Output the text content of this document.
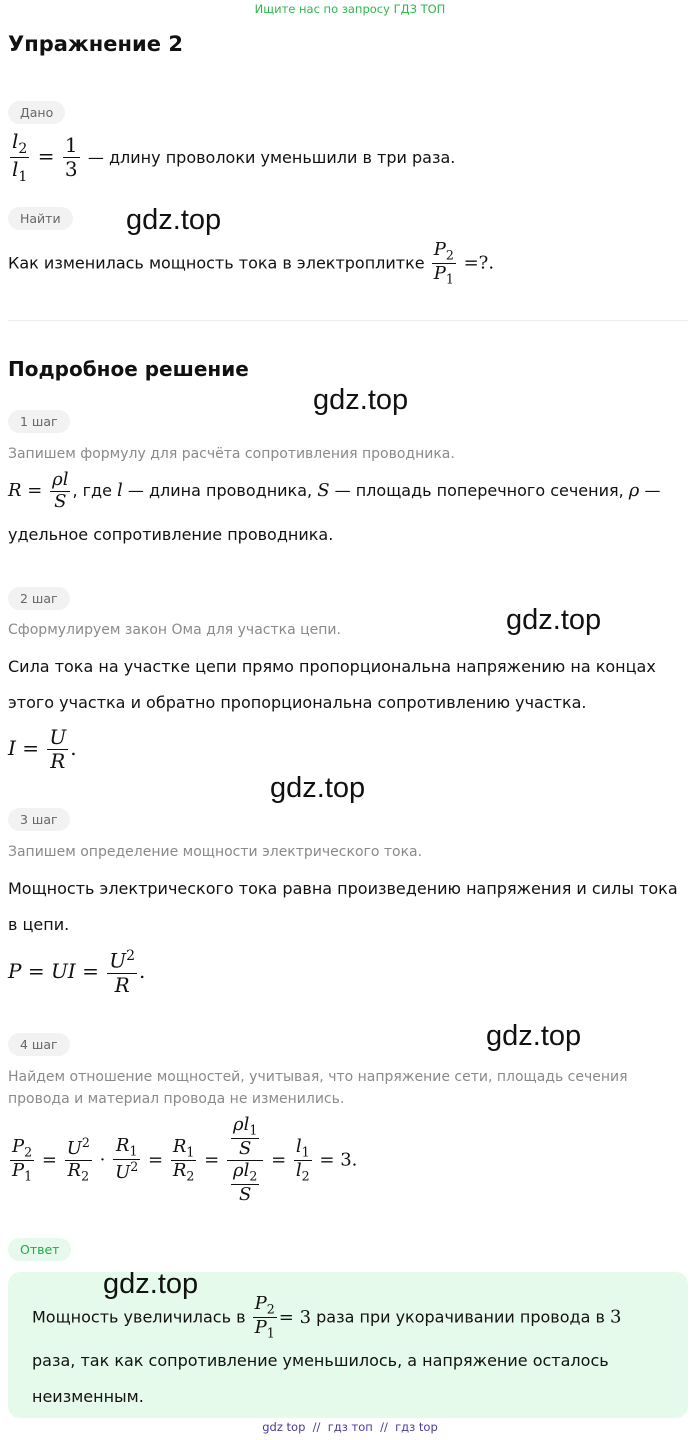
Ищите нас по запросу ГДЗ ТОП
Упражнение 2
Дано
$\frac{l_2}{l_1} = \frac{1}{3}$ — длину проволоки уменьшили в три раза.
Найти
Как изменилась мощность тока в электроплитке $\frac{P_2}{P_1}$ =?.
Подробное решение
1 шаг
Запишем формулу для расчёта сопротивления проводника.
$R = \frac{\rho l}{S}$ , где l — длина проводника, S — площадь поперечного сечения, ρ —
удельное сопротивление проводника.
2 шаг
Сформулируем закон Ома для участка цепи.
Сила тока на участке цепи прямо пропорциональна напряжению на концах
этого участка и обратно пропорциональна сопротивлению участка.
$I = \frac{U}{R}$ .
3 шаг
Запишем определение мощности электрического тока.
Мощность электрического тока равна произведению напряжения и силы тока
в цепи.
P = UI = $\frac{U^2}{R}$ .
4 шаг
Найдем отношение мощностей, учитывая, что напряжение сети, площадь сечения
провода и материал провода не изменились.
$\frac{P_2}{P_1} = \frac{U^2}{R_2} \cdot \frac{R_1}{U^2} = \frac{R_1}{R_2} = \frac{\frac{\rho l_1}{S}}{\frac{\rho l_2}{S}} = \frac{l_1}{l_2} = 3$.
Ответ
Мощность увеличилась в $\frac{P_2}{P_1} = 3$ раза при укорачивании провода в 3
раза, так как сопротивление уменьшилось, а напряжение осталось
неизменным.
gdz.top
gdz.top
gdz.top
gdz.top
gdz.top
gdz.top
gdz top  //  гдз топ  //  гдз top
